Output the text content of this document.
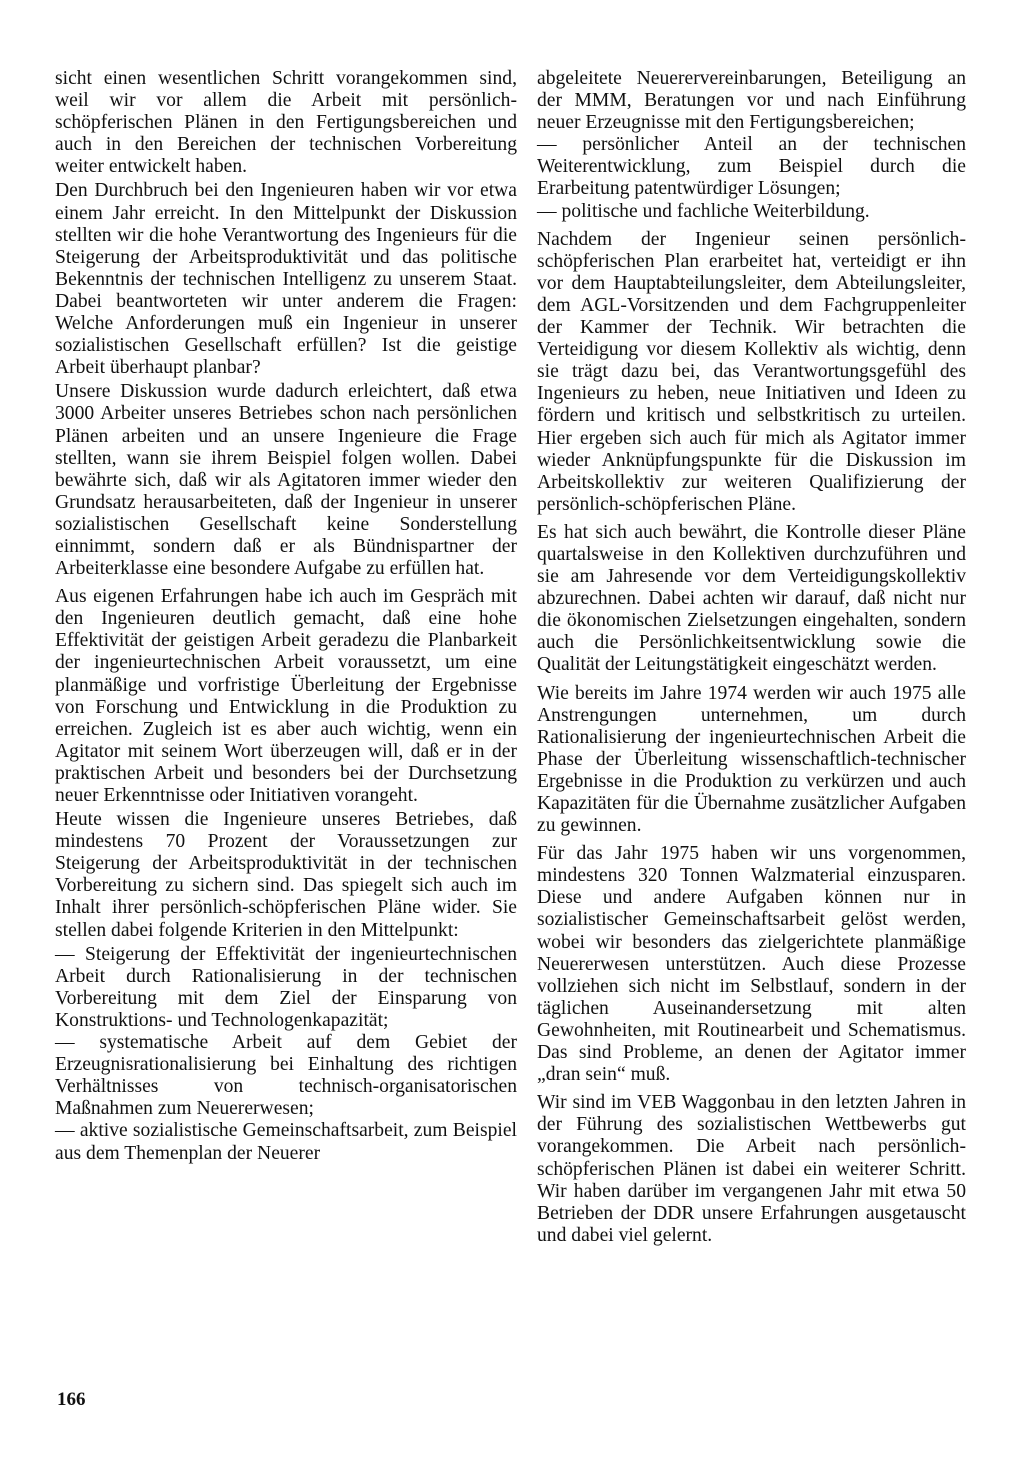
sicht einen wesentlichen Schritt vorangekommen sind, weil wir vor allem die Arbeit mit persönlich-schöpferischen Plänen in den Fertigungsbereichen und auch in den Bereichen der technischen Vorbereitung weiter entwickelt haben.

Den Durchbruch bei den Ingenieuren haben wir vor etwa einem Jahr erreicht. In den Mittelpunkt der Diskussion stellten wir die hohe Verantwortung des Ingenieurs für die Steigerung der Arbeitsproduktivität und das politische Bekenntnis der technischen Intelligenz zu unserem Staat. Dabei beantworteten wir unter anderem die Fragen: Welche Anforderungen muß ein Ingenieur in unserer sozialistischen Gesellschaft erfüllen? Ist die geistige Arbeit überhaupt planbar?

Unsere Diskussion wurde dadurch erleichtert, daß etwa 3000 Arbeiter unseres Betriebes schon nach persönlichen Plänen arbeiten und an unsere Ingenieure die Frage stellten, wann sie ihrem Beispiel folgen wollen. Dabei bewährte sich, daß wir als Agitatoren immer wieder den Grundsatz herausarbeiteten, daß der Ingenieur in unserer sozialistischen Gesellschaft keine Sonderstellung einnimmt, sondern daß er als Bündnispartner der Arbeiterklasse eine besondere Aufgabe zu erfüllen hat.

Aus eigenen Erfahrungen habe ich auch im Gespräch mit den Ingenieuren deutlich gemacht, daß eine hohe Effektivität der geistigen Arbeit geradezu die Planbarkeit der ingenieurtechnischen Arbeit voraussetzt, um eine planmäßige und vorfristige Überleitung der Ergebnisse von Forschung und Entwicklung in die Produktion zu erreichen. Zugleich ist es aber auch wichtig, wenn ein Agitator mit seinem Wort überzeugen will, daß er in der praktischen Arbeit und besonders bei der Durchsetzung neuer Erkenntnisse oder Initiativen vorangeht.

Heute wissen die Ingenieure unseres Betriebes, daß mindestens 70 Prozent der Voraussetzungen zur Steigerung der Arbeitsproduktivität in der technischen Vorbereitung zu sichern sind. Das spiegelt sich auch im Inhalt ihrer persönlich-schöpferischen Pläne wider. Sie stellen dabei folgende Kriterien in den Mittelpunkt:

— Steigerung der Effektivität der ingenieurtechnischen Arbeit durch Rationalisierung in der technischen Vorbereitung mit dem Ziel der Einsparung von Konstruktions- und Technologenkapazität;

— systematische Arbeit auf dem Gebiet der Erzeugnisrationalisierung bei Einhaltung des richtigen Verhältnisses von technisch-organisatorischen Maßnahmen zum Neuererwesen;

— aktive sozialistische Gemeinschaftsarbeit, zum Beispiel aus dem Themenplan der Neuerer

abgeleitete Neuerervereinbarungen, Beteiligung an der MMM, Beratungen vor und nach Einführung neuer Erzeugnisse mit den Fertigungsbereichen;

— persönlicher Anteil an der technischen Weiterentwicklung, zum Beispiel durch die Erarbeitung patentwürdiger Lösungen;

— politische und fachliche Weiterbildung.

Nachdem der Ingenieur seinen persönlich-schöpferischen Plan erarbeitet hat, verteidigt er ihn vor dem Hauptabteilungsleiter, dem Abteilungsleiter, dem AGL-Vorsitzenden und dem Fachgruppenleiter der Kammer der Technik. Wir betrachten die Verteidigung vor diesem Kollektiv als wichtig, denn sie trägt dazu bei, das Verantwortungsgefühl des Ingenieurs zu heben, neue Initiativen und Ideen zu fördern und kritisch und selbstkritisch zu urteilen. Hier ergeben sich auch für mich als Agitator immer wieder Anknüpfungspunkte für die Diskussion im Arbeitskollektiv zur weiteren Qualifizierung der persönlich-schöpferischen Pläne.

Es hat sich auch bewährt, die Kontrolle dieser Pläne quartalsweise in den Kollektiven durchzuführen und sie am Jahresende vor dem Verteidigungskollektiv abzurechnen. Dabei achten wir darauf, daß nicht nur die ökonomischen Zielsetzungen eingehalten, sondern auch die Persönlichkeitsentwicklung sowie die Qualität der Leitungstätigkeit eingeschätzt werden.

Wie bereits im Jahre 1974 werden wir auch 1975 alle Anstrengungen unternehmen, um durch Rationalisierung der ingenieurtechnischen Arbeit die Phase der Überleitung wissenschaftlich-technischer Ergebnisse in die Produktion zu verkürzen und auch Kapazitäten für die Übernahme zusätzlicher Aufgaben zu gewinnen.

Für das Jahr 1975 haben wir uns vorgenommen, mindestens 320 Tonnen Walzmaterial einzusparen. Diese und andere Aufgaben können nur in sozialistischer Gemeinschaftsarbeit gelöst werden, wobei wir besonders das zielgerichtete planmäßige Neuererwesen unterstützen. Auch diese Prozesse vollziehen sich nicht im Selbstlauf, sondern in der täglichen Auseinandersetzung mit alten Gewohnheiten, mit Routinearbeit und Schematismus. Das sind Probleme, an denen der Agitator immer „dran sein“ muß.

Wir sind im VEB Waggonbau in den letzten Jahren in der Führung des sozialistischen Wettbewerbs gut vorangekommen. Die Arbeit nach persönlich-schöpferischen Plänen ist dabei ein weiterer Schritt. Wir haben darüber im vergangenen Jahr mit etwa 50 Betrieben der DDR unsere Erfahrungen ausgetauscht und dabei viel gelernt.

166
